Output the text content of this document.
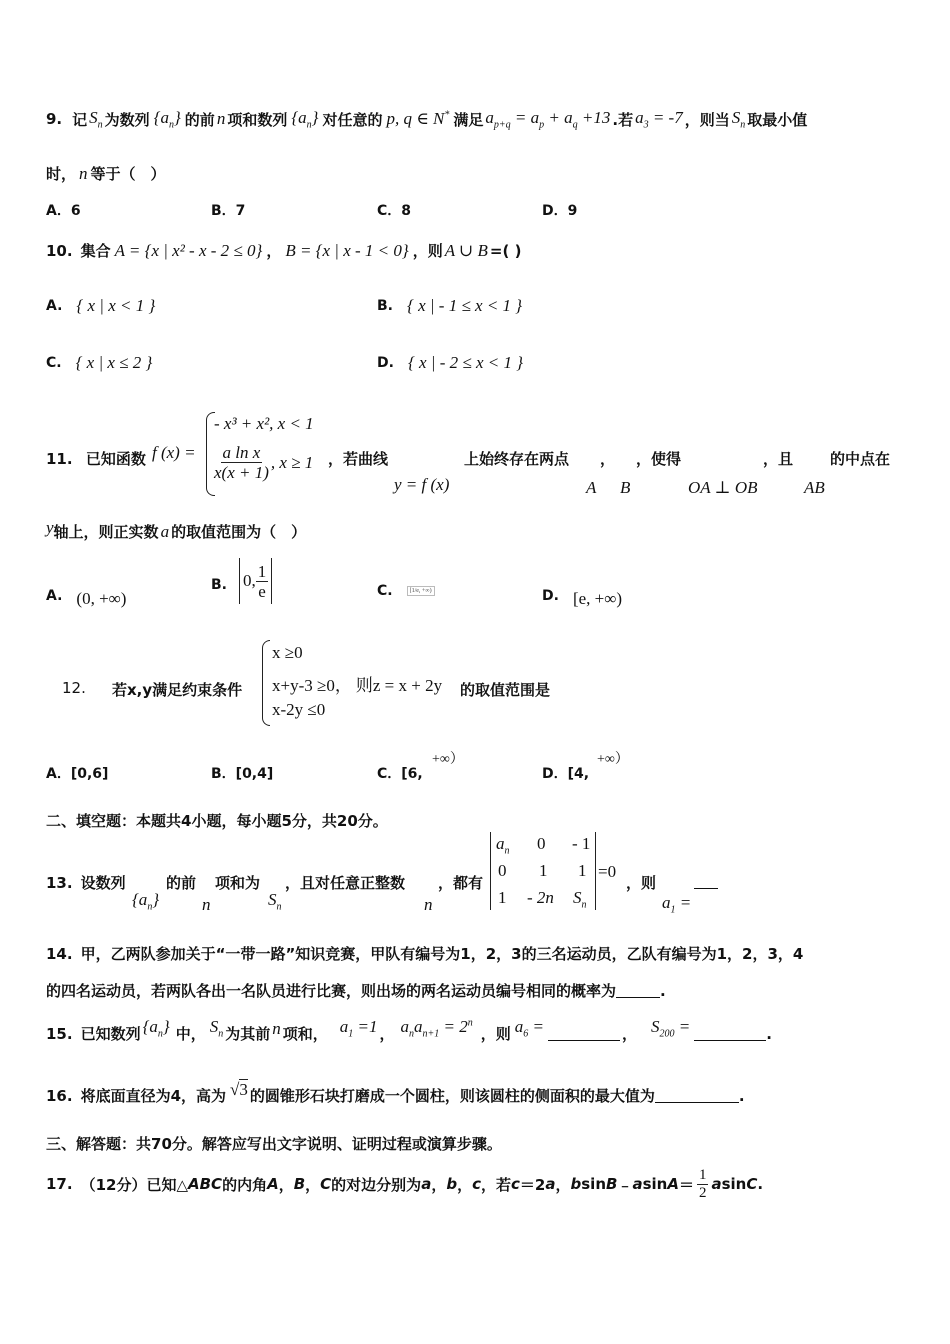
9. 记 $S_n$ 为数列 $\{a_n\}$ 的前 n 项和数列 $\{a_n\}$ 对任意的 p, q ∈ N* 满足 $a_{p+q} = a_p + a_q +13$ .若 $a_3 = -7$ ，则当 $S_n$ 取最小值
时， n 等于（　）
A．6	B．7	C．8	D．9
10. 集合 A = {x | x² - x - 2 ≤ 0} ， B = {x | x - 1 < 0} ，则 A ∪ B =( )
A. { x | x < 1 }	B. { x | - 1 ≤ x < 1 }
C. { x | x ≤ 2 }	D. { x | - 2 ≤ x < 1 }
11. 已知函数 f (x) =
- x³ + x², x < 1
$\frac{\text{a ln x}}{x(x + 1)}$ , x ≥ 1 ，若曲线	上始终存在两点 ， ，使得	，且 的中点在
y = f (x)	A B	OA ⊥ OB	AB
y 轴上，则正实数 a 的取值范围为（　）
A. (0, +∞)
B. 0, $\frac{1}{e}$	C.	[1/e, +∞)	D. [e, +∞)
12. 若x,y满足约束条件
x ≥0
x+y-3 ≥0， 则z = x + 2y
x-2y ≤0
的取值范围是
A．[0,6]	B．[0,4]	C．[6,
+∞）
D．[4,
+∞）
二、填空题：本题共4小题，每小题5分，共20分。
13. 设数列	的前 项和为 ，且对任意正整数 ，都有
$\{a_n\}$	n	$S_n$	n
$a_n$ 0 - 1
0 1 1
1 - 2n $S_n$
=0
，则
$a_1$ =
14. 甲，乙两队参加关于“一带一路”知识竞赛，甲队有编号为1，2，3的三名运动员，乙队有编号为1，2，3，4
的四名运动员，若两队各出一名队员进行比赛，则出场的两名运动员编号相同的概率为	.
15. 已知数列 $\{a_n\}$ 中， $S_n$ 为其前 n 项和， $a_1 =1$ ， $a_na_{n+1} = 2^n$
，则 $a_6$ =	， $S_{200}$ =	.
16. 将底面直径为4，高为 √3 的圆锥形石块打磨成一个圆柱，则该圆柱的侧面积的最大值为	.
三、解答题：共70分。解答应写出文字说明、证明过程或演算步骤。
17. （12分）已知△ ABC 的内角 A ， B ， C 的对边分别为 a ， b ， c ，若 c ＝2 a ， b sin B ﹣ a $\sin A = \frac{1}{2}$ a sin C .
